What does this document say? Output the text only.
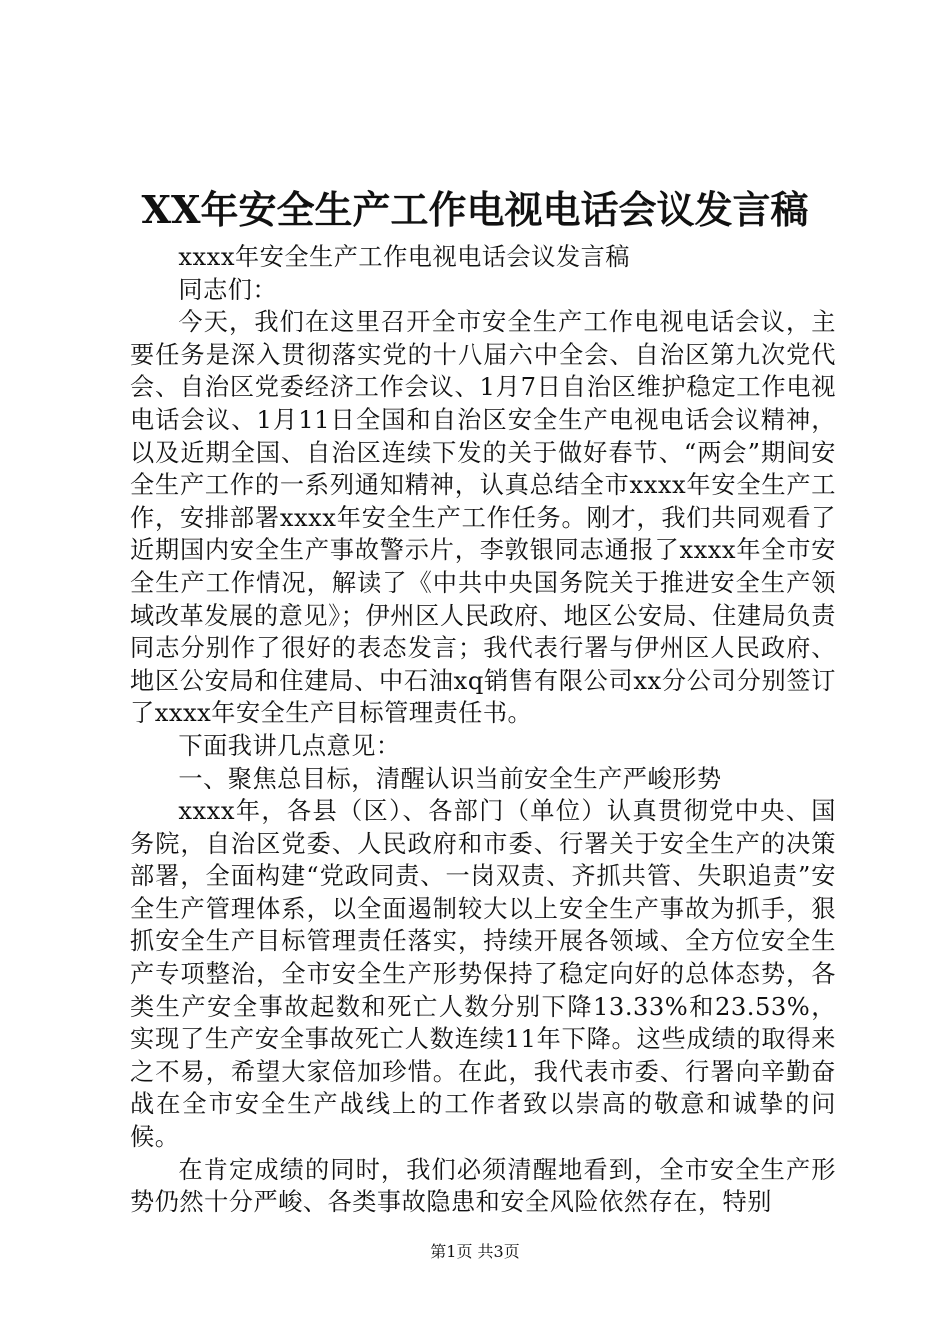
XX年安全生产工作电视电话会议发言稿

xxxx年安全生产工作电视电话会议发言稿

同志们：

今天，我们在这里召开全市安全生产工作电视电话会议，主要任务是深入贯彻落实党的十八届六中全会、自治区第九次党代会、自治区党委经济工作会议、1月7日自治区维护稳定工作电视电话会议、1月11日全国和自治区安全生产电视电话会议精神，以及近期全国、自治区连续下发的关于做好春节、“两会”期间安全生产工作的一系列通知精神，认真总结全市xxxx年安全生产工作，安排部署xxxx年安全生产工作任务。刚才，我们共同观看了近期国内安全生产事故警示片，李敦银同志通报了xxxx年全市安全生产工作情况，解读了《中共中央国务院关于推进安全生产领域改革发展的意见》；伊州区人民政府、地区公安局、住建局负责同志分别作了很好的表态发言；我代表行署与伊州区人民政府、地区公安局和住建局、中石油xq销售有限公司xx分公司分别签订了xxxx年安全生产目标管理责任书。

下面我讲几点意见：

一、聚焦总目标，清醒认识当前安全生产严峻形势

xxxx年，各县（区）、各部门（单位）认真贯彻党中央、国务院，自治区党委、人民政府和市委、行署关于安全生产的决策部署，全面构建“党政同责、一岗双责、齐抓共管、失职追责”安全生产管理体系，以全面遏制较大以上安全生产事故为抓手，狠抓安全生产目标管理责任落实，持续开展各领域、全方位安全生产专项整治，全市安全生产形势保持了稳定向好的总体态势，各类生产安全事故起数和死亡人数分别下降13.33%和23.53%，实现了生产安全事故死亡人数连续11年下降。这些成绩的取得来之不易，希望大家倍加珍惜。在此，我代表市委、行署向辛勤奋战在全市安全生产战线上的工作者致以崇高的敬意和诚挚的问候。

在肯定成绩的同时，我们必须清醒地看到，全市安全生产形势仍然十分严峻、各类事故隐患和安全风险依然存在，特别

第1页 共3页
